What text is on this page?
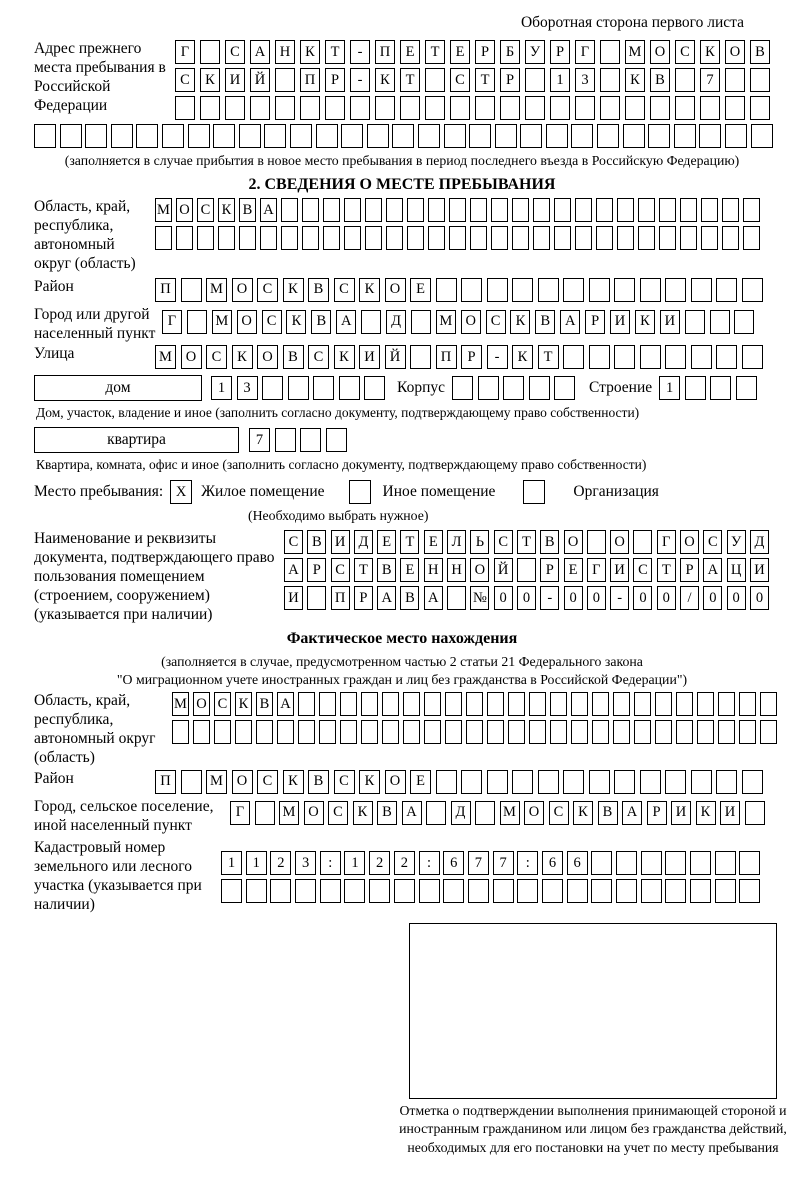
Оборотная сторона первого листа
Адрес прежнего места пребывания в Российской Федерации
Г	С	А	Н	К	Т	-	П	Е	Т	Е	Р	Б	У	Р	Г	М О	С	К	О	В
С	К	И	Й	П	Р	-	К	Т	С	Т	Р	1	3	К	В	7
(заполняется в случае прибытия в новое место пребывания в период последнего въезда в Российскую Федерацию)
2. СВЕДЕНИЯ О МЕСТЕ ПРЕБЫВАНИЯ
Область, край, республика, автономный округ (область)
М О С К В А
Район	П	М О	С	К	В	С	К	О	Е
Город или другой населенный пункт
Г	М О	С	К	В	А	Д	М О	С	К	В	А	Р	И	К	И
Улица	М О	С	К	О	В	С	К	И	Й	П	Р	-	К	Т
дом	1	3	Корпус	Строение 1
Дом, участок, владение и иное (заполнить согласно документу, подтверждающему право собственности)
квартира	7
Квартира, комната, офис и иное (заполнить согласно документу, подтверждающему право собственности)
Место пребывания: X Жилое помещение	Иное помещение	Организация
(Необходимо выбрать нужное)
Наименование и реквизиты документа, подтверждающего право пользования помещением (строением, сооружением) (указывается при наличии)
С В И Д Е Т Е Л Ь С Т В О О	Г О С У Д
А Р С Т В Е Н Н О Й	Р	Е	Г И С Т	Р А Ц И
И П Р А В А № 0	0	-	0	0	-	0	0	/	0	0	0
Фактическое место нахождения
(заполняется в случае, предусмотренном частью 2 статьи 21 Федерального закона
"О миграционном учете иностранных граждан и лиц без гражданства в Российской Федерации")
Область, край, республика, автономный округ (область)
М О С К В А
Район	П	М О	С	К	В	С	К	О	Е
Город, сельское поселение, иной населенный пункт
Г	М О С	К	В А	Д	М О С	К	В А	Р	И К И
Кадастровый номер земельного или лесного участка (указывается при наличии)
1	1	2	3	:	1	2	2	:	6	7	7	:	6	6
Отметка о подтверждении выполнения принимающей стороной и иностранным гражданином или лицом без гражданства действий, необходимых для его постановки на учет по месту пребывания
